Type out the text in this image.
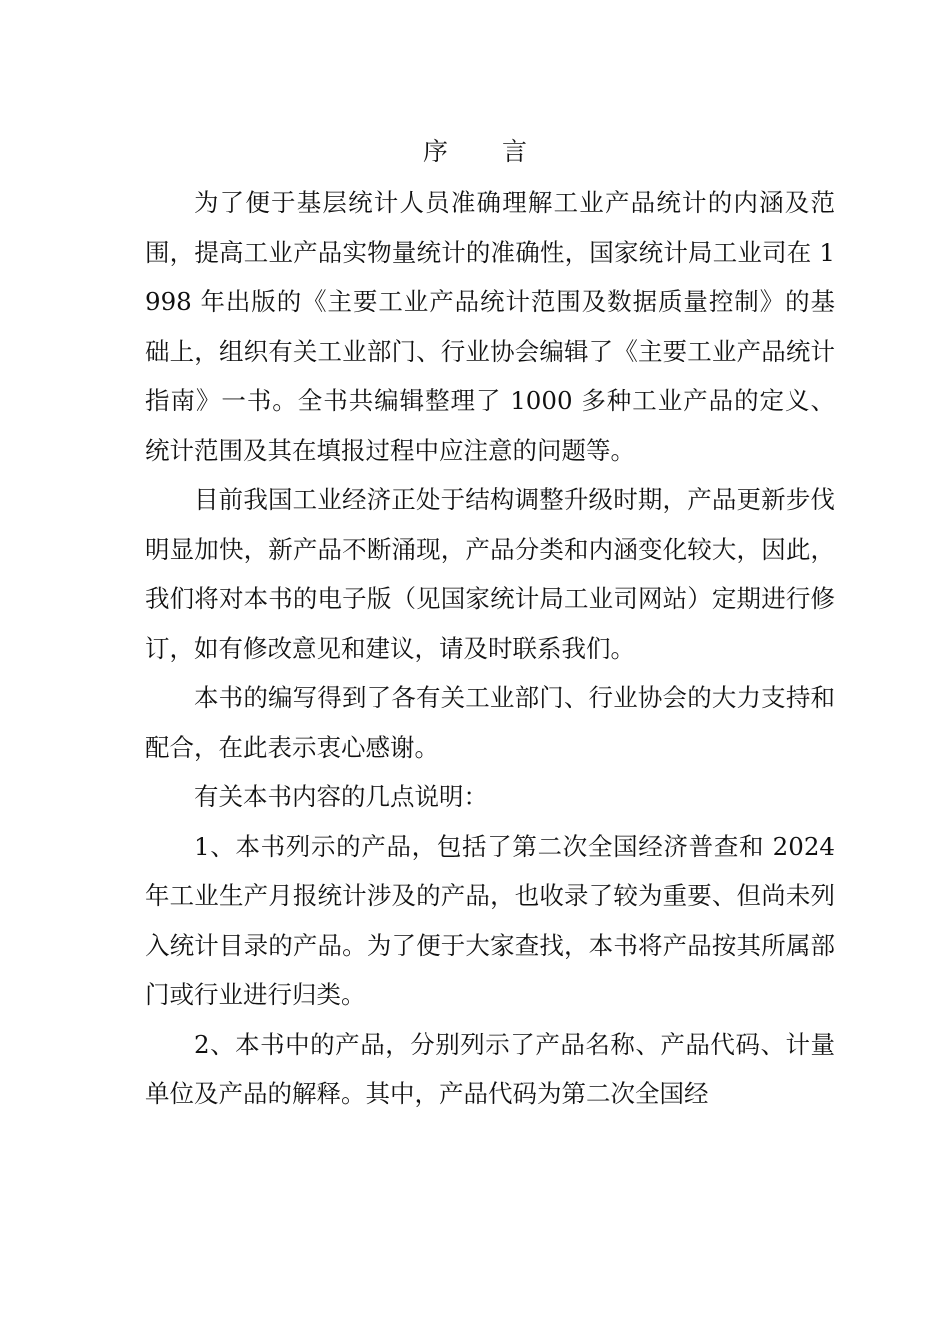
序言

为了便于基层统计人员准确理解工业产品统计的内涵及范围，提高工业产品实物量统计的准确性，国家统计局工业司在 1998 年出版的《主要工业产品统计范围及数据质量控制》的基础上，组织有关工业部门、行业协会编辑了《主要工业产品统计指南》一书。全书共编辑整理了 1000 多种工业产品的定义、统计范围及其在填报过程中应注意的问题等。

目前我国工业经济正处于结构调整升级时期，产品更新步伐明显加快，新产品不断涌现，产品分类和内涵变化较大，因此，我们将对本书的电子版（见国家统计局工业司网站）定期进行修订，如有修改意见和建议，请及时联系我们。

本书的编写得到了各有关工业部门、行业协会的大力支持和配合，在此表示衷心感谢。

有关本书内容的几点说明：

1、本书列示的产品，包括了第二次全国经济普查和 2024 年工业生产月报统计涉及的产品，也收录了较为重要、但尚未列入统计目录的产品。为了便于大家查找，本书将产品按其所属部门或行业进行归类。

2、本书中的产品，分别列示了产品名称、产品代码、计量单位及产品的解释。其中，产品代码为第二次全国经
